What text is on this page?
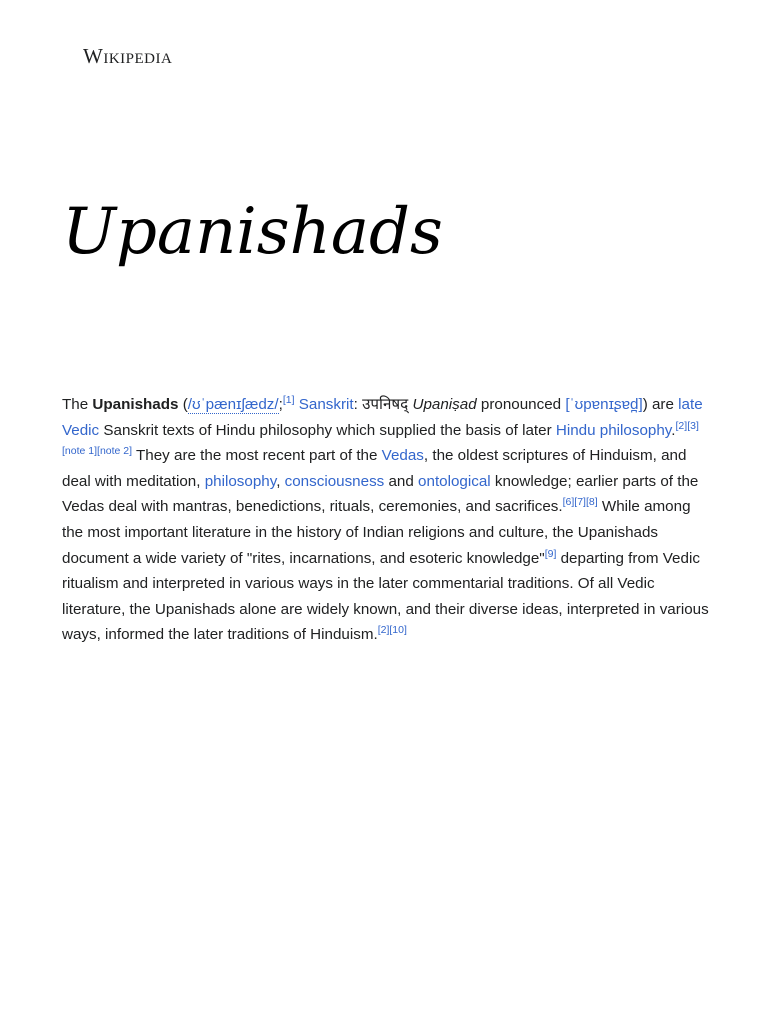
Wikipedia
Upanishads

The Upanishads (/ʊˈpænɪʃædz/;[1] Sanskrit: उपनिषद् Upaniṣad pronounced [ˈʊpɐnɪʂɐd̪]) are late Vedic Sanskrit texts of Hindu philosophy which supplied the basis of later Hindu philosophy.[2][3][note 1][note 2] They are the most recent part of the Vedas, the oldest scriptures of Hinduism, and deal with meditation, philosophy, consciousness and ontological knowledge; earlier parts of the Vedas deal with mantras, benedictions, rituals, ceremonies, and sacrifices.[6][7][8] While among the most important literature in the history of Indian religions and culture, the Upanishads document a wide variety of "rites, incarnations, and esoteric knowledge"[9] departing from Vedic ritualism and interpreted in various ways in the later commentarial traditions. Of all Vedic literature, the Upanishads alone are widely known, and their diverse ideas, interpreted in various ways, informed the later traditions of Hinduism.[2][10]
